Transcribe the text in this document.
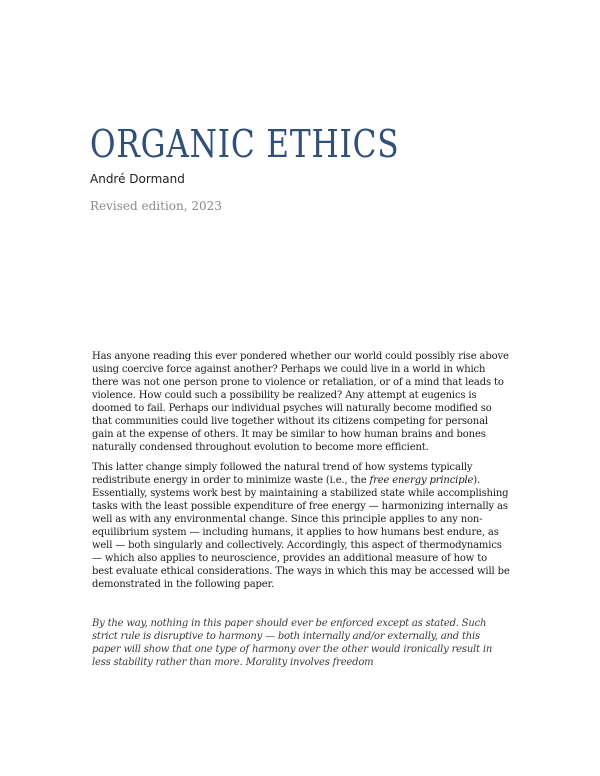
ORGANIC ETHICS
André Dormand
Revised edition, 2023
Has anyone reading this ever pondered whether our world could possibly rise above using coercive force against another? Perhaps we could live in a world in which there was not one person prone to violence or retaliation, or of a mind that leads to violence. How could such a possibility be realized? Any attempt at eugenics is doomed to fail. Perhaps our individual psyches will naturally become modified so that communities could live together without its citizens competing for personal gain at the expense of others. It may be similar to how human brains and bones naturally condensed throughout evolution to become more efficient.
This latter change simply followed the natural trend of how systems typically redistribute energy in order to minimize waste (i.e., the free energy principle). Essentially, systems work best by maintaining a stabilized state while accomplishing tasks with the least possible expenditure of free energy — harmonizing internally as well as with any environmental change. Since this principle applies to any non-equilibrium system — including humans, it applies to how humans best endure, as well — both singularly and collectively. Accordingly, this aspect of thermodynamics — which also applies to neuroscience, provides an additional measure of how to best evaluate ethical considerations. The ways in which this may be accessed will be demonstrated in the following paper.
By the way, nothing in this paper should ever be enforced except as stated. Such strict rule is disruptive to harmony — both internally and/or externally, and this paper will show that one type of harmony over the other would ironically result in less stability rather than more. Morality involves freedom
